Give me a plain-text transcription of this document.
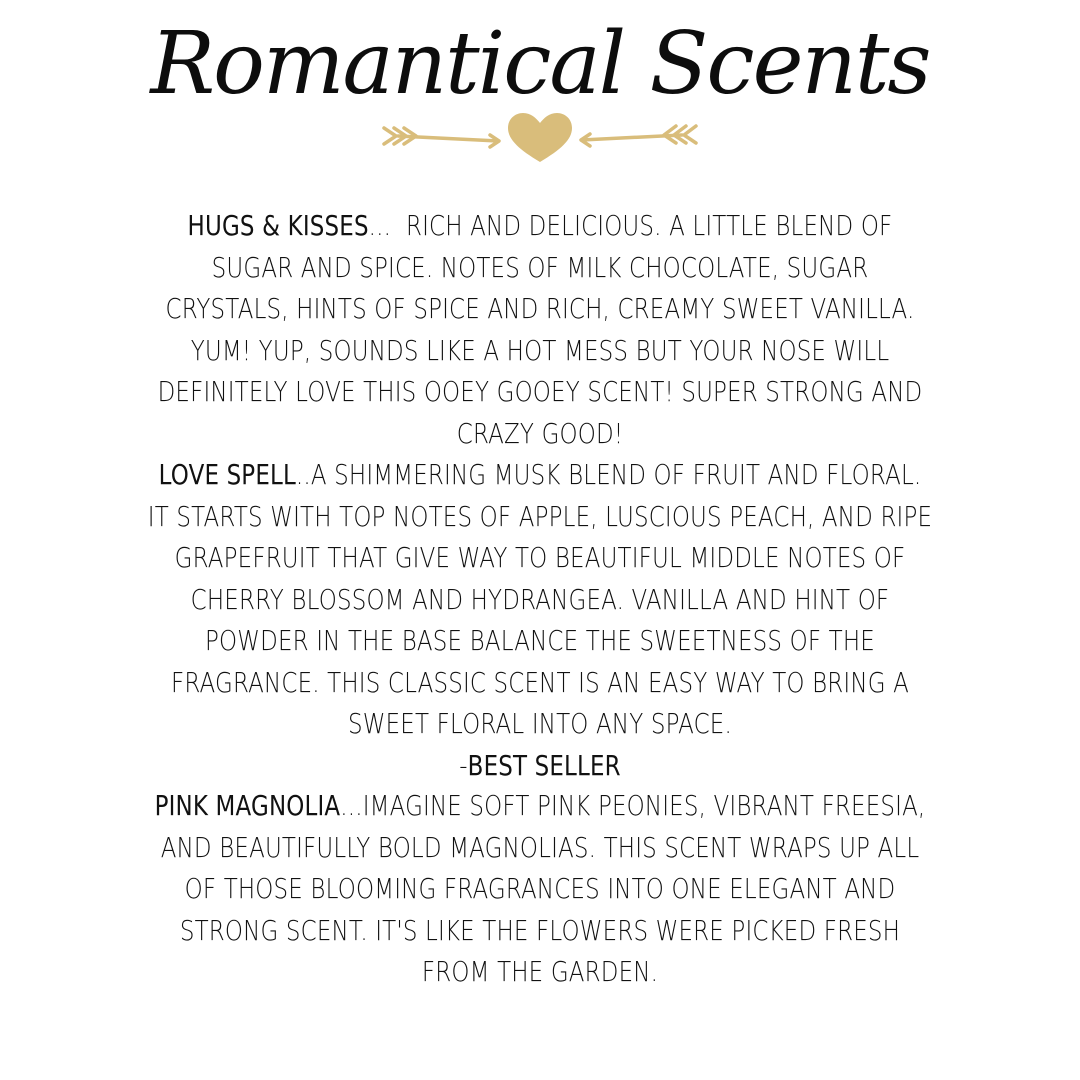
Romantical Scents
HUGS & KISSES...  RICH AND DELICIOUS. A LITTLE BLEND OF SUGAR AND SPICE. NOTES OF MILK CHOCOLATE, SUGAR CRYSTALS, HINTS OF SPICE AND RICH, CREAMY SWEET VANILLA. YUM! YUP, SOUNDS LIKE A HOT MESS BUT YOUR NOSE WILL DEFINITELY LOVE THIS OOEY GOOEY SCENT! SUPER STRONG AND CRAZY GOOD!
LOVE SPELL..A SHIMMERING MUSK BLEND OF FRUIT AND FLORAL. IT STARTS WITH TOP NOTES OF APPLE, LUSCIOUS PEACH, AND RIPE GRAPEFRUIT THAT GIVE WAY TO BEAUTIFUL MIDDLE NOTES OF CHERRY BLOSSOM AND HYDRANGEA. VANILLA AND HINT OF POWDER IN THE BASE BALANCE THE SWEETNESS OF THE FRAGRANCE. THIS CLASSIC SCENT IS AN EASY WAY TO BRING A SWEET FLORAL INTO ANY SPACE.
-BEST SELLER
PINK MAGNOLIA...IMAGINE SOFT PINK PEONIES, VIBRANT FREESIA, AND BEAUTIFULLY BOLD MAGNOLIAS. THIS SCENT WRAPS UP ALL OF THOSE BLOOMING FRAGRANCES INTO ONE ELEGANT AND STRONG SCENT. IT'S LIKE THE FLOWERS WERE PICKED FRESH FROM THE GARDEN.
